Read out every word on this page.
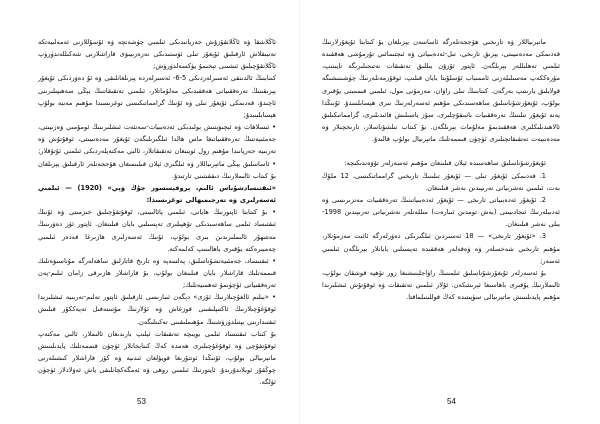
ئاڭلاشقا ۋە ئاڭلاتقۇزۇش جەريانىدىكى ئىلمىي چۈشەنچە ۋە ئۇسۇللارنى ئەمەلىيەتكە تەتبىقلاش ئارقىلىق ئۇيغۇر تىلى ئۈستىدىكى نەزەرىيىۋى قاراشلارنى شەكىللەندۈرۈپ ئاڭلاتقۇچىلىق ئىشىنى تېخىمۇ يۈكسەلدۈرۈش;

كىتابنىڭ ئالدىنقى ئەسىرلەردىكى 5-6- ئەسىرلەردە يېزىلغانلىقى ۋە ئۇ دەۋردىكى ئۇيغۇر يېزىقىنىڭ تەرەققىياتى ھەققىدىكى مەلۇماتلار، ئىلمىي تەتقىقاتنىڭ يېڭى سەھىپىلىرىنى ئاچىدۇ، قەدىمكى ئۇيغۇر تىلى ۋە ئۇنىڭ گرامماتىكىسى توغرىسىدا مۇھىم مەنبە بولۇپ ھېسابلىنىدۇ;

• ئىسلاھات ۋە ئېچىۋېتىش يولىدىكى ئەدەبىيات-سەنئەت ئىشلىرىنىڭ ئومۇمىي ۋەزىيىتى، جەمئىيەتنىڭ تەرەققىياتىغا ماس ھالدا ئىلگىرىلىگەن ئۇيغۇر مەدەنىيىتى، ئوقۇتۇش ۋە تەربىيە جەريانىدا مۇھىم رول ئوينىغان تەتقىقاتلار، ئالىي مەكتەپلەردىكى ئىلمىي ئۇتۇقلار;

• ئاساسلىق يېڭى ماتېرىياللار ۋە ئىلگىرى ئېلان قىلىنمىغان ھۆججەتلەر ئارقىلىق يېزىلغان بۇ كىتاب ئالىملارنىڭ دىققىتىنى تارتىدۇ.

«ئىقتىسادشۇناس ئالىم، پروفېسسور جۇڭ ۋېي» (1920) — ئىلمىي ئەسەرلىرى ۋە تەرجىمىھالى توغرىسىدا:

• بۇ كىتابتا ئاپتورنىڭ ھاياتى، ئىلمىي پائالىيىتى، ئوقۇتقۇچىلىق خىزمىتى ۋە ئۇنىڭ ئىقتىساد ئىلمى ساھەسىدىكى تۆھپىلىرى تەپسىلىي بايان قىلىنغان. ئاپتور ئۆز دەۋرىنىڭ مەشھۇر ئالىملىرىدىن بىرى بولۇپ، ئۇنىڭ ئەسەرلىرى ھازىرغا قەدەر ئىلمىي چەمبىرەكتە يۇقىرى باھالىنىپ كەلمەكتە.

• ئىقتىساد، جەمئىيەتشۇناسلىق، پەلسەپە ۋە تارىخ قاتارلىق ساھەلەرگە مۇناسىۋەتلىك قىممەتلىك قاراشلار بايان قىلىنغان بولۇپ، بۇ قاراشلار ھازىرقى زامان ئىلىم-پەن تەرەققىياتى ئۈچۈنمۇ ئەھمىيەتلىك;

• «بىلىم ئالغۇچىلارنىڭ ئۆزى» دېگەن ئىبارىسى ئارقىلىق ئاپتور تەلىم-تەربىيە ئىشلىرىدا ئوقۇغۇچىلارنىڭ ئاكتىپلىقىنى قوزغاش ۋە ئۇلارنىڭ مۇستەقىل تەپەككۇر قىلىش ئىقتىدارىنى يېتىلدۈرۈشنىڭ مۇھىملىقىنى تەكىتلىگەن.

بۇ كىتاب ئىقتىساد ئىلمى بويىچە تەتقىقات ئېلىپ بارىدىغان ئالىملار، ئالىي مەكتەپ ئوقۇتقۇچى ۋە ئوقۇغۇچىلىرى ھەمدە كەڭ كىتابخانلار ئۈچۈن قىممەتلىك پايدىلىنىش ماتېرىيالى بولۇپ، ئۇنىڭدا ئوتتۇرىغا قويۇلغان ئىدىيە ۋە كۆز قاراشلار كىشىلەرنى چوڭقۇر ئويلاندۇرىدۇ. ئاپتورنىڭ ئىلمىي روھى ۋە ئەمگەكچانلىقى ياش ئەۋلادلار ئۈچۈن ئۈلگە.

53

ماتېرىياللار ۋە تارىخىي ھۆججەتلەرگە ئاساسەن يېزىلغان بۇ كىتابتا ئۇيغۇرلارنىڭ قەدىمكى مەدەنىيىتى، يېزىق تارىخى، تىل-ئەدەبىياتى ۋە ئىجتىمائىي تۇرمۇشى ھەققىدە ئىلمىي تەھلىللەر بېرىلگەن. ئاپتور ئۇزۇن يىللىق تەتقىقات نەتىجىلىرىگە تايىنىپ، مۇرەككەپ مەسىلىلەرنى ئاممىباب ئۇسلۇبتا بايان قىلىپ، ئوقۇرمەنلەرنىڭ چۈشىنىشىگە قولايلىق يارىتىپ بەرگەن. كىتابنىڭ تىلى راۋان، مەزمۇنى مول، ئىلمىي قىممىتى يۇقىرى بولۇپ، ئۇيغۇرشۇناسلىق ساھەسىدىكى مۇھىم ئەسەرلەرنىڭ بىرى ھېسابلىنىدۇ. ئۇنىڭدا يەنە ئۇيغۇر تىلىنىڭ تەرەققىيات باسقۇچلىرى، سۆز ياسىلىش قائىدىلىرى، گرامماتىكىلىق ئالاھىدىلىكلىرى ھەققىدىمۇ مەلۇمات بېرىلگەن. بۇ كىتاب تىلشۇناسلار، تارىخچىلار ۋە مەدەنىيەت تەتقىقاتچىلىرى ئۈچۈن قىممەتلىك ماتېرىيال بولۇپ قالىدۇ.

ئۇيغۇرشۇناسلىق ساھەسىدە ئېلان قىلىنغان مۇھىم ئەسەرلەر تۆۋەندىكىچە:

1. قەدىمكى ئۇيغۇر تىلى — ئۇيغۇر تىلىنىڭ تارىخىي گرامماتىكىسى، 12 ملۇڭ بەت، ئىلمىي نەشرىياتى تەرىپىدىن نەشر قىلىنغان.

2. ئۇيغۇر ئەدەبىياتى تارىخى — ئۇيغۇر ئەدەبىياتىنىڭ تەرەققىيات مەنزىرىسى ۋە ئەدىبلەرنىڭ ئىجادىيىتى (بەش تومدىن ئىبارەت) مىللەتلەر نەشرىياتى تەرىپىدىن 1998-يىلى نەشر قىلىنغان.

3. «ئۇيغۇر تارىخى» — 18 ئەسىردىن ئىلگىرىكى دەۋرلەرگە ئائىت مەزمۇنلار، مۇھىم تارىخىي شەخسلەر ۋە ۋەقەلەر ھەققىدە تەپسىلىي بايانلار بېرىلگەن ئىلمىي ئەسەر;

بۇ ئەسەرلەر ئۇيغۇرشۇناسلىق ئىلمىنىڭ راۋاجلىنىشىغا زور تۆھپە قوشقان بولۇپ، ئالىملارنىڭ يۇقىرى باھاسىغا ئېرىشكەن. ئۇلار ئىلمىي تەتقىقات ۋە ئوقۇتۇش ئىشلىرىدا مۇھىم پايدىلىنىش ماتېرىيالى سۈپىتىدە كەڭ قوللىنىلماقتا.

54
